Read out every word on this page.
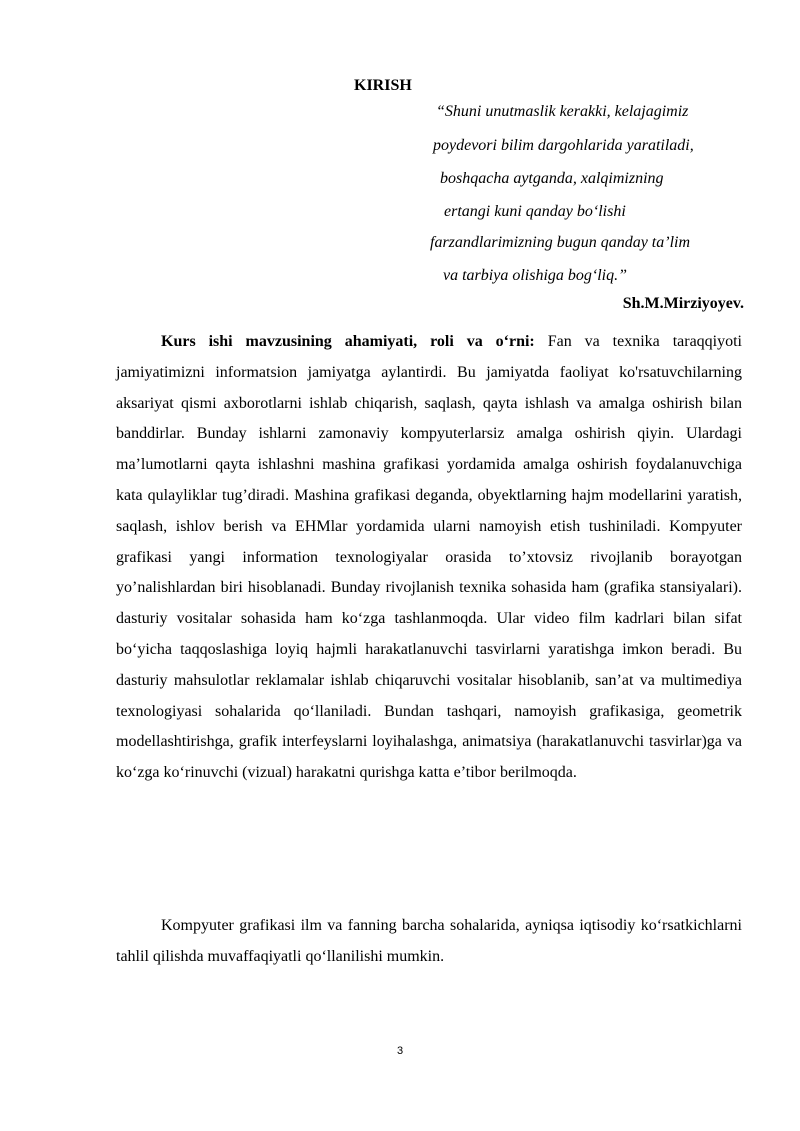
KIRISH
“Shuni unutmaslik kerakki, kelajagimiz
poydevori bilim dargohlarida yaratiladi,
boshqacha aytganda, xalqimizning
ertangi kuni qanday bo‘lishi
farzandlarimizning bugun qanday ta’lim
va tarbiya olishiga bog‘liq.”
Sh.M.Mirziyoyev.

Kurs ishi mavzusining ahamiyati, roli va o‘rni: Fan va texnika taraqqiyoti jamiyatimizni informatsion jamiyatga aylantirdi. Bu jamiyatda faoliyat ko'rsatuvchilarning aksariyat qismi axborotlarni ishlab chiqarish, saqlash, qayta ishlash va amalga oshirish bilan banddirlar. Bunday ishlarni zamonaviy kompyuterlarsiz amalga oshirish qiyin. Ulardagi ma’lumotlarni qayta ishlashni mashina grafikasi yordamida amalga oshirish foydalanuvchiga kata qulayliklar tug’diradi. Mashina grafikasi deganda, obyektlarning hajm modellarini yaratish, saqlash, ishlov berish va EHMlar yordamida ularni namoyish etish tushiniladi. Kompyuter grafikasi yangi information texnologiyalar orasida to’xtovsiz rivojlanib borayotgan yo’nalishlardan biri hisoblanadi. Bunday rivojlanish texnika sohasida ham (grafika stansiyalari). dasturiy vositalar sohasida ham ko‘zga tashlanmoqda. Ular video film kadrlari bilan sifat bo‘yicha taqqoslashiga loyiq hajmli harakatlanuvchi tasvirlarni yaratishga imkon beradi. Bu dasturiy mahsulotlar reklamalar ishlab chiqaruvchi vositalar hisoblanib, san’at va multimediya texnologiyasi sohalarida qo‘llaniladi. Bundan tashqari, namoyish grafikasiga, geometrik modellashtirishga, grafik interfeyslarni loyihalashga, animatsiya (harakatlanuvchi tasvirlar)ga va ko‘zga ko‘rinuvchi (vizual) harakatni qurishga katta e’tibor berilmoqda.

Kompyuter grafikasi ilm va fanning barcha sohalarida, ayniqsa iqtisodiy ko‘rsatkichlarni tahlil qilishda muvaffaqiyatli qo‘llanilishi mumkin.

3
